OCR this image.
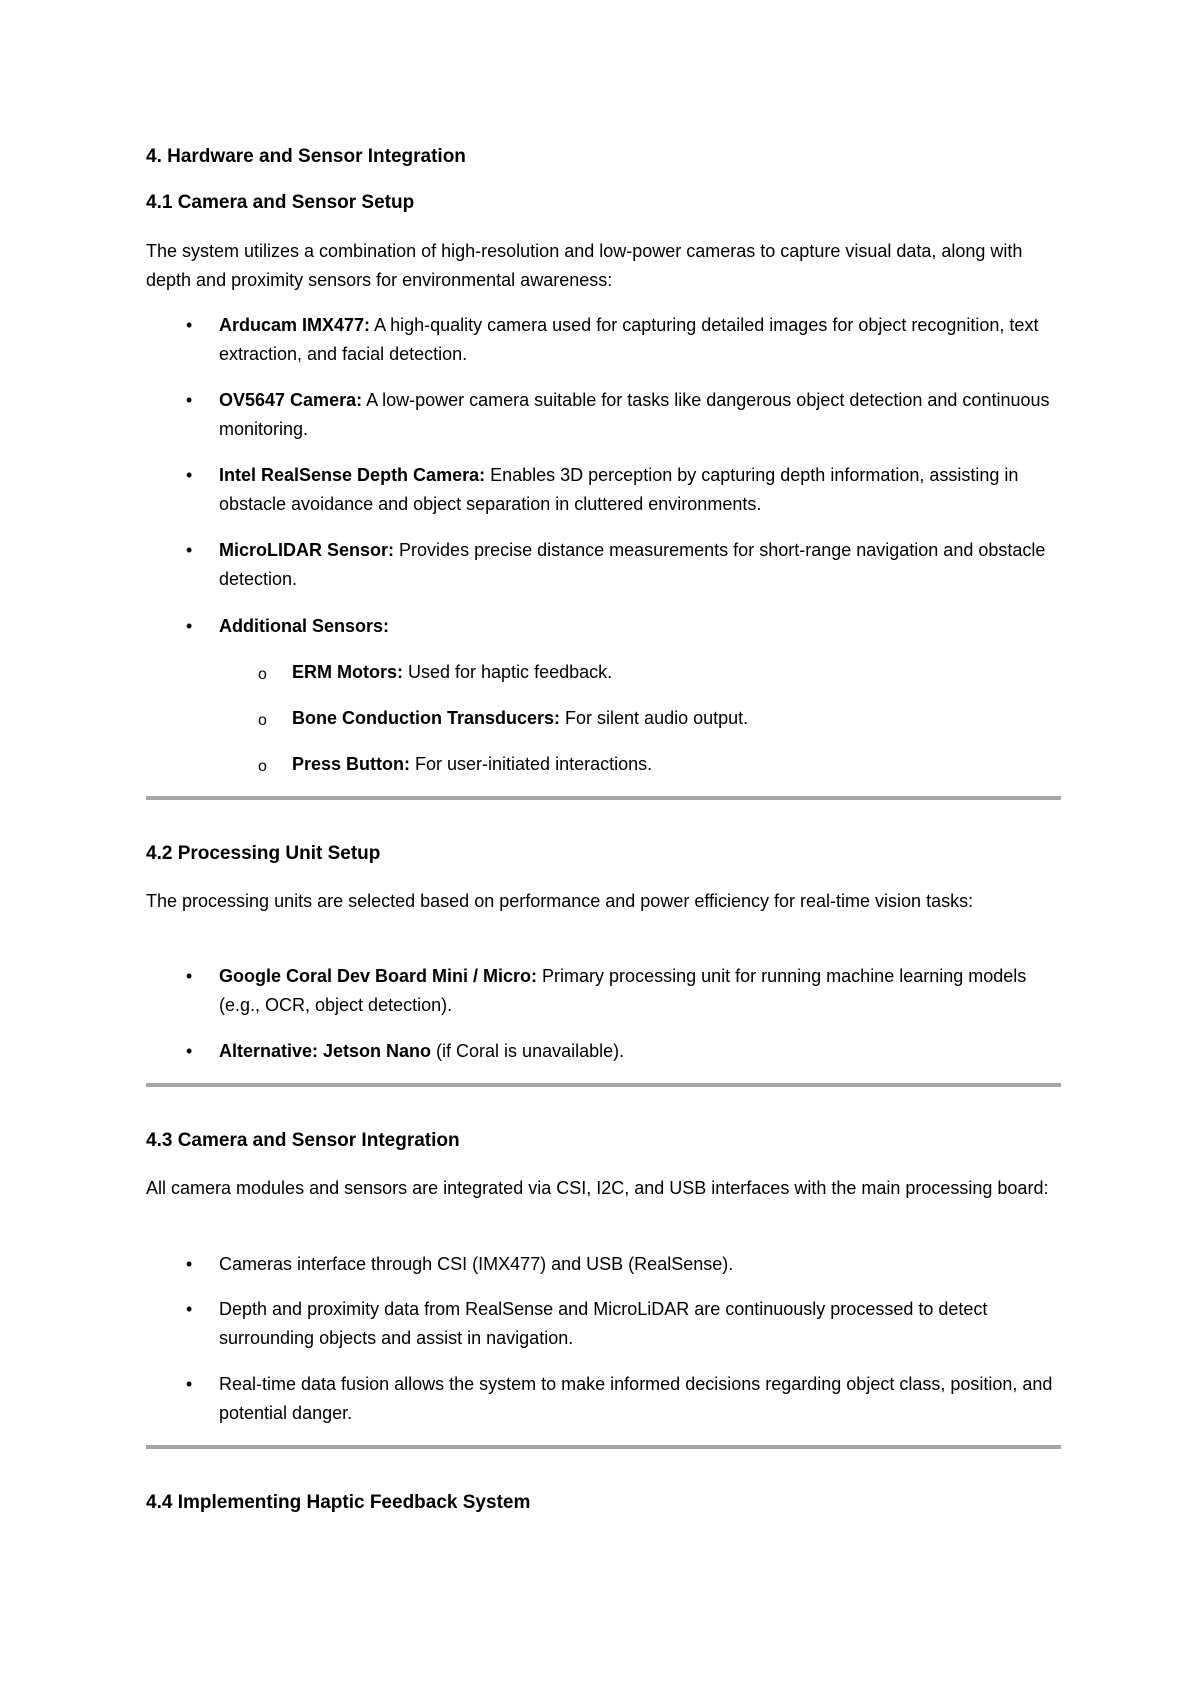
4. Hardware and Sensor Integration
4.1 Camera and Sensor Setup
The system utilizes a combination of high-resolution and low-power cameras to capture visual data, along with depth and proximity sensors for environmental awareness:
•	Arducam IMX477: A high-quality camera used for capturing detailed images for object recognition, text extraction, and facial detection.
•	OV5647 Camera: A low-power camera suitable for tasks like dangerous object detection and continuous monitoring.
•	Intel RealSense Depth Camera: Enables 3D perception by capturing depth information, assisting in obstacle avoidance and object separation in cluttered environments.
•	MicroLIDAR Sensor: Provides precise distance measurements for short-range navigation and obstacle detection.
•	Additional Sensors:
o ERM Motors: Used for haptic feedback.
o Bone Conduction Transducers: For silent audio output.
o Press Button: For user-initiated interactions.
4.2 Processing Unit Setup
The processing units are selected based on performance and power efficiency for real-time vision tasks:
•	Google Coral Dev Board Mini / Micro: Primary processing unit for running machine learning models (e.g., OCR, object detection).
•	Alternative: Jetson Nano (if Coral is unavailable).
4.3 Camera and Sensor Integration
All camera modules and sensors are integrated via CSI, I2C, and USB interfaces with the main processing board:
•	Cameras interface through CSI (IMX477) and USB (RealSense).
•	Depth and proximity data from RealSense and MicroLiDAR are continuously processed to detect surrounding objects and assist in navigation.
•	Real-time data fusion allows the system to make informed decisions regarding object class, position, and potential danger.
4.4 Implementing Haptic Feedback System
